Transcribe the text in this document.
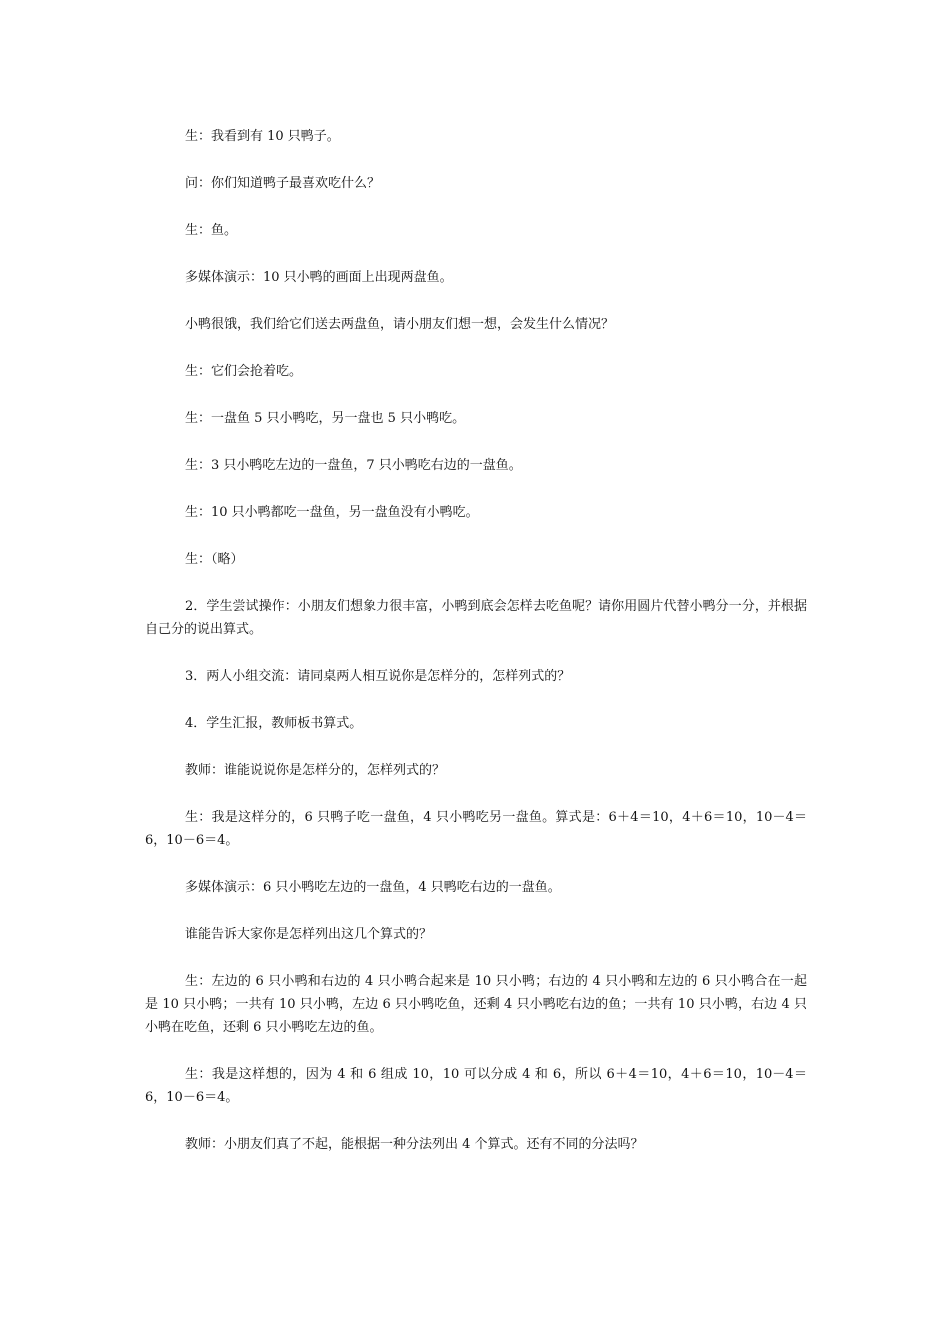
生：我看到有 10 只鸭子。

问：你们知道鸭子最喜欢吃什么？

生：鱼。

多媒体演示：10 只小鸭的画面上出现两盘鱼。

小鸭很饿，我们给它们送去两盘鱼，请小朋友们想一想，会发生什么情况？

生：它们会抢着吃。

生：一盘鱼 5 只小鸭吃，另一盘也 5 只小鸭吃。

生：3 只小鸭吃左边的一盘鱼，7 只小鸭吃右边的一盘鱼。

生：10 只小鸭都吃一盘鱼，另一盘鱼没有小鸭吃。

生：（略）

2．学生尝试操作：小朋友们想象力很丰富，小鸭到底会怎样去吃鱼呢？请你用圆片代替小鸭分一分，并根据自己分的说出算式。

3．两人小组交流：请同桌两人相互说你是怎样分的，怎样列式的？

4．学生汇报，教师板书算式。

教师：谁能说说你是怎样分的，怎样列式的？

生：我是这样分的，6 只鸭子吃一盘鱼，4 只小鸭吃另一盘鱼。算式是：6＋4＝10，4＋6＝10，10－4＝6，10－6＝4。

多媒体演示：6 只小鸭吃左边的一盘鱼，4 只鸭吃右边的一盘鱼。

谁能告诉大家你是怎样列出这几个算式的？

生：左边的 6 只小鸭和右边的 4 只小鸭合起来是 10 只小鸭；右边的 4 只小鸭和左边的 6 只小鸭合在一起是 10 只小鸭；一共有 10 只小鸭，左边 6 只小鸭吃鱼，还剩 4 只小鸭吃右边的鱼；一共有 10 只小鸭，右边 4 只小鸭在吃鱼，还剩 6 只小鸭吃左边的鱼。

生：我是这样想的，因为 4 和 6 组成 10，10 可以分成 4 和 6，所以 6＋4＝10，4＋6＝10，10－4＝6，10－6＝4。

教师：小朋友们真了不起，能根据一种分法列出 4 个算式。还有不同的分法吗？
